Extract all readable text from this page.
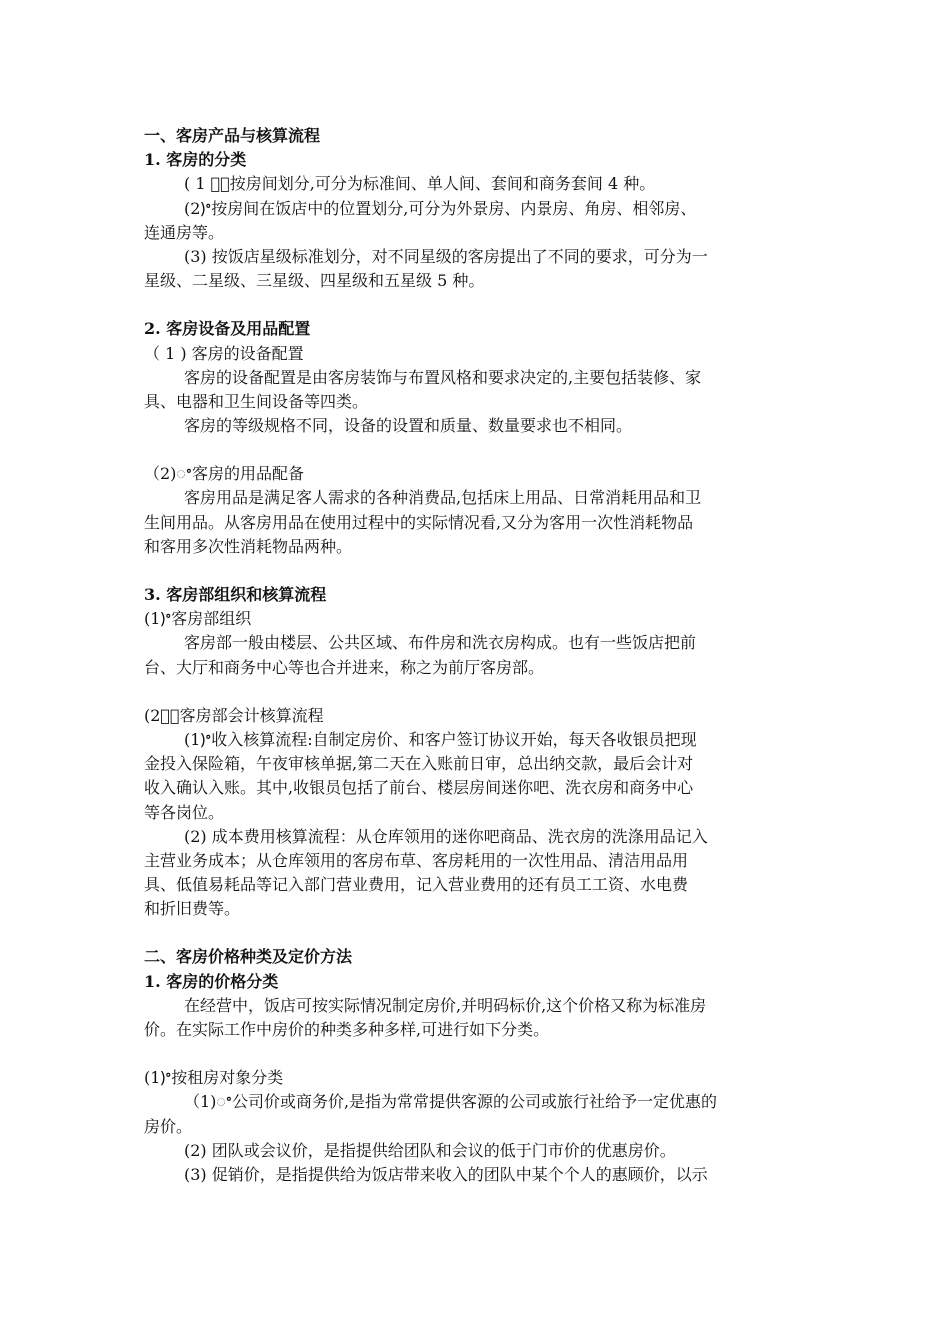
一、客房产品与核算流程
1. 客房的分类
( 1 ）ꢀ按房间划分,可分为标准间、单人间、套间和商务套间 4 种。
(2)ꢀ按房间在饭店中的位置划分,可分为外景房、内景房、角房、相邻房、
连通房等。
(3) 按饭店星级标准划分，对不同星级的客房提出了不同的要求，可分为一
星级、二星级、三星级、四星级和五星级 5 种。
2. 客房设备及用品配置
（ 1 ) 客房的设备配置
客房的设备配置是由客房装饰与布置风格和要求决定的,主要包括装修、家
具、电器和卫生间设备等四类。
客房的等级规格不同，设备的设置和质量、数量要求也不相同。
（2)ꢀ客房的用品配备
客房用品是满足客人需求的各种消费品,包括床上用品、日常消耗用品和卫
生间用品。从客房用品在使用过程中的实际情况看,又分为客用一次性消耗物品
和客用多次性消耗物品两种。
3. 客房部组织和核算流程
(1)ꢀ客房部组织
客房部一般由楼层、公共区域、布件房和洗衣房构成。也有一些饭店把前
台、大厅和商务中心等也合并进来，称之为前厅客房部。
(2）ꢀ客房部会计核算流程
(1)ꢀ收入核算流程:自制定房价、和客户签订协议开始，每天各收银员把现
金投入保险箱，午夜审核单据,第二天在入账前日审，总出纳交款，最后会计对
收入确认入账。其中,收银员包括了前台、楼层房间迷你吧、洗衣房和商务中心
等各岗位。
(2) 成本费用核算流程：从仓库领用的迷你吧商品、洗衣房的洗涤用品记入
主营业务成本；从仓库领用的客房布草、客房耗用的一次性用品、清洁用品用
具、低值易耗品等记入部门营业费用，记入营业费用的还有员工工资、水电费
和折旧费等。
二、客房价格种类及定价方法
1. 客房的价格分类
在经营中，饭店可按实际情况制定房价,并明码标价,这个价格又称为标准房
价。在实际工作中房价的种类多种多样,可进行如下分类。
(1)ꢀ按租房对象分类
（1)ꢀ公司价或商务价,是指为常常提供客源的公司或旅行社给予一定优惠的
房价。
(2) 团队或会议价，是指提供给团队和会议的低于门市价的优惠房价。
(3) 促销价，是指提供给为饭店带来收入的团队中某个个人的惠顾价，以示
